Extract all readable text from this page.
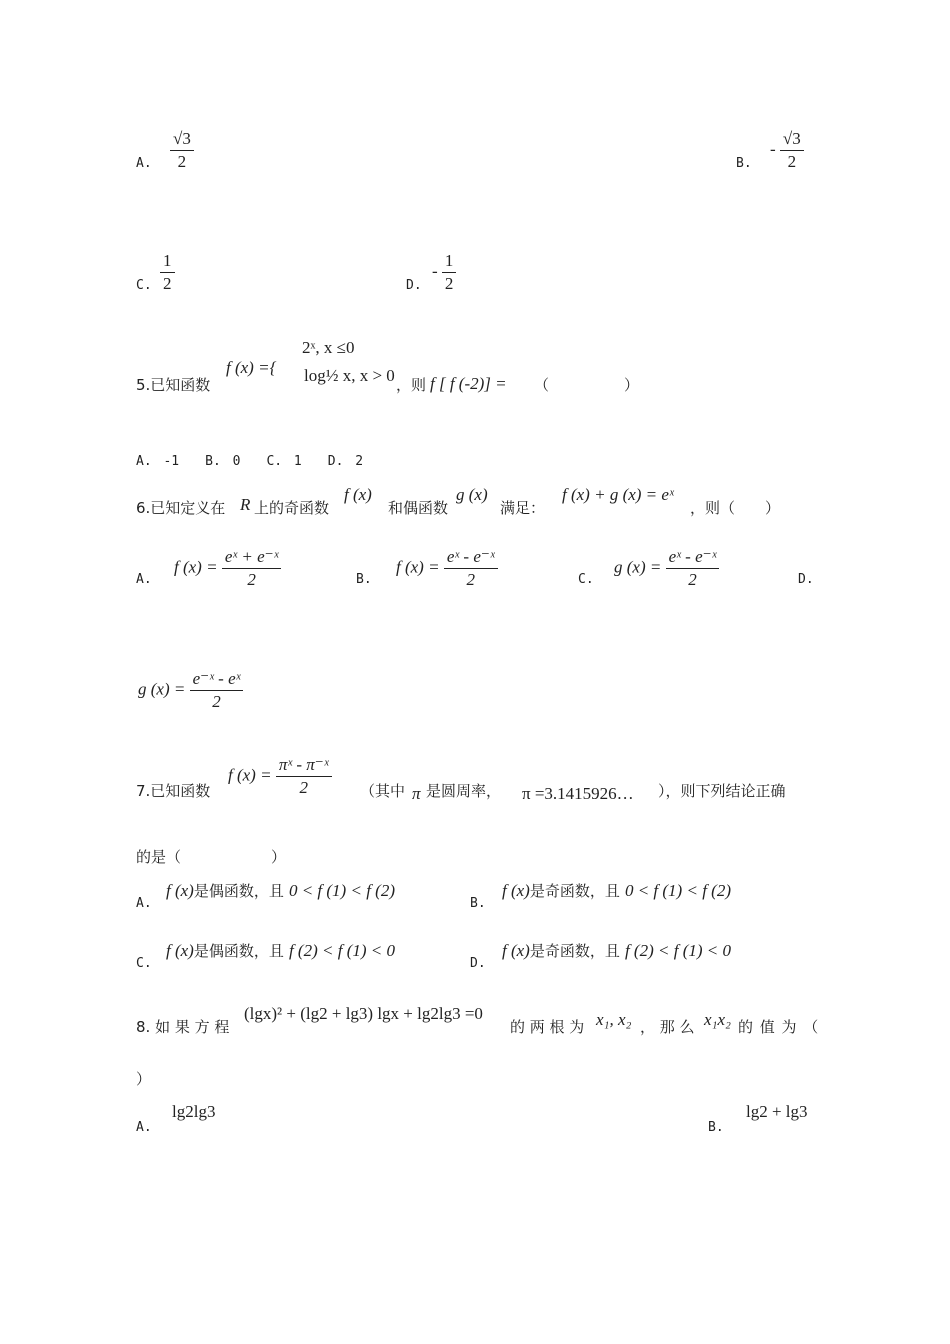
A. $\frac{√3}{2}$	B.
- $\frac{√3}{2}$
C. $\frac{1}{2}$	D.
- $\frac{1}{2}$
5.已知函数
f (x) ={
2ˣ, x ≤0
log½ x, x > 0 ，则 f [ f (-2)] = （　　　　　）
A. -1　　B. 0　　C. 1　　D. 2
6.已知定义在 R 上的奇函数
f (x)
和偶函数
g (x)
满足：
f (x) + g (x) = eˣ
，则（　　）
A.
f $(x) = \frac{\text{eˣ + e⁻ˣ}}{2}$	B.
f $(x) = \frac{\text{eˣ - e⁻ˣ}}{2}$	C.
g $(x) = \frac{\text{eˣ - e⁻ˣ}}{2}$	D.
g $(x) = \frac{\text{e⁻ˣ - eˣ}}{2}$
7.已知函数
f $(x) = \frac{\text{πˣ - π⁻ˣ}}{2}$ （其中 π 是圆周率， π =3.1415926… ），则下列结论正确
的是（　　　　　　）
A.
f (x)是偶函数，且 0 < f (1) < f (2)
B.
f (x)是奇函数，且 0 < f (1) < f (2)
C.
f (x)是偶函数，且 f (2) < f (1) < 0
D.
f (x)是奇函数，且 f (2) < f (1) < 0
8. 如 果 方 程
(lgx)² + (lg2 + lg3) lgx + lg2lg3 =0
的 两 根 为 x₁, x₂ ， 那 么 x₁x₂ 的 值 为 （
）
A.
lg2lg3
B.
lg2 + lg3
